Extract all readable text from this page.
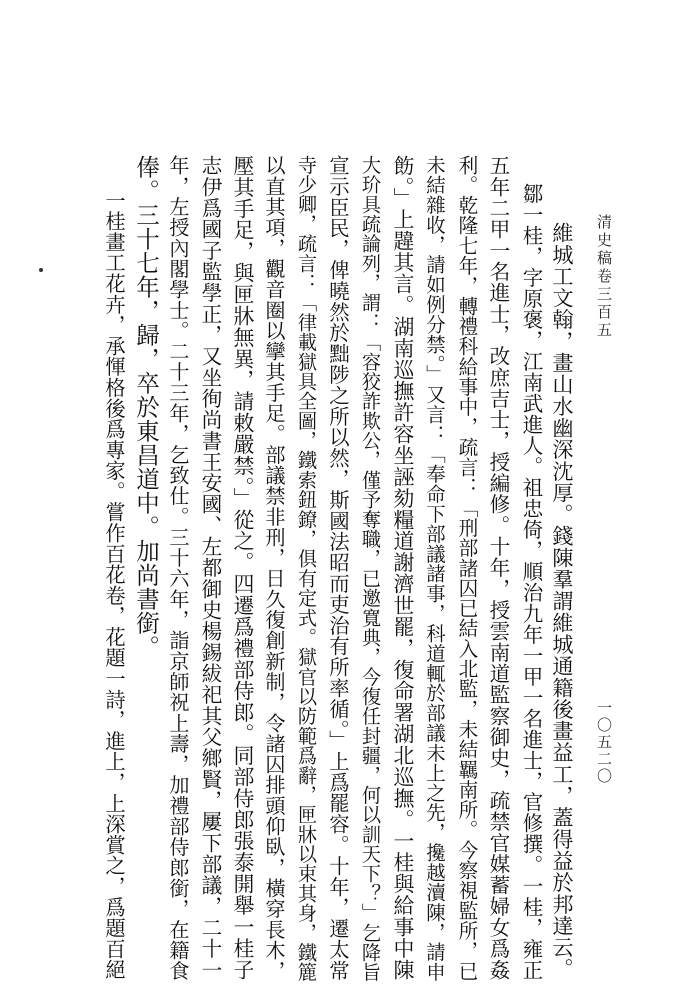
一〇五二〇
維城工文翰，畫山水幽深沈厚。錢陳羣謂維城通籍後畫益工，蓋得益於邦達云。
鄒一桂，字原褒，江南武進人。祖忠倚，順治九年一甲一名進士，官修撰。一桂，雍正
五年二甲一名進士，改庶吉士，授編修。十年，授雲南道監察御史，疏禁官媒蓄婦女爲姦
利。乾隆七年，轉禮科給事中，疏言：「刑部諸囚已結入北監，未結羈南所。今察視監所，已
未結雜收，請如例分禁。」又言：「奉命下部議諸事，科道輒於部議未上之先，攙越瀆陳，請申
飭。」上韙其言。湖南巡撫許容坐誣劾糧道謝濟世罷，復命署湖北巡撫。一桂與給事中陳
大玠具疏論列，謂：「容狡詐欺公，僅予奪職，已邀寬典，今復任封疆，何以訓天下？」乞降旨
宣示臣民，俾曉然於黜陟之所以然，斯國法昭而吏治有所率循。」上爲罷容。十年，遷太常
寺少卿，疏言：「律載獄具全圖，鐵索鈕鐐，俱有定式。獄官以防範爲辭，匣牀以束其身，鐵簏
以直其項，觀音圈以攣其手足。部議禁非刑，日久復創新制，令諸囚排頭仰臥，橫穿長木，
壓其手足，與匣牀無異，請敕嚴禁。」從之。四遷爲禮部侍郎。同部侍郎張泰開舉一桂子
志伊爲國子監學正，又坐徇尚書王安國、左都御史楊錫紱祀其父鄉賢，屢下部議，二十一
年，左授內閣學士。二十三年，乞致仕。三十六年，詣京師祝上壽，加禮部侍郎銜，在籍食
俸。三十七年，歸，卒於東昌道中。加尚書銜。
一桂畫工花卉，承惲格後爲專家。嘗作百花卷，花題一詩，進上，上深賞之，爲題百絕	清史稿卷三百五
